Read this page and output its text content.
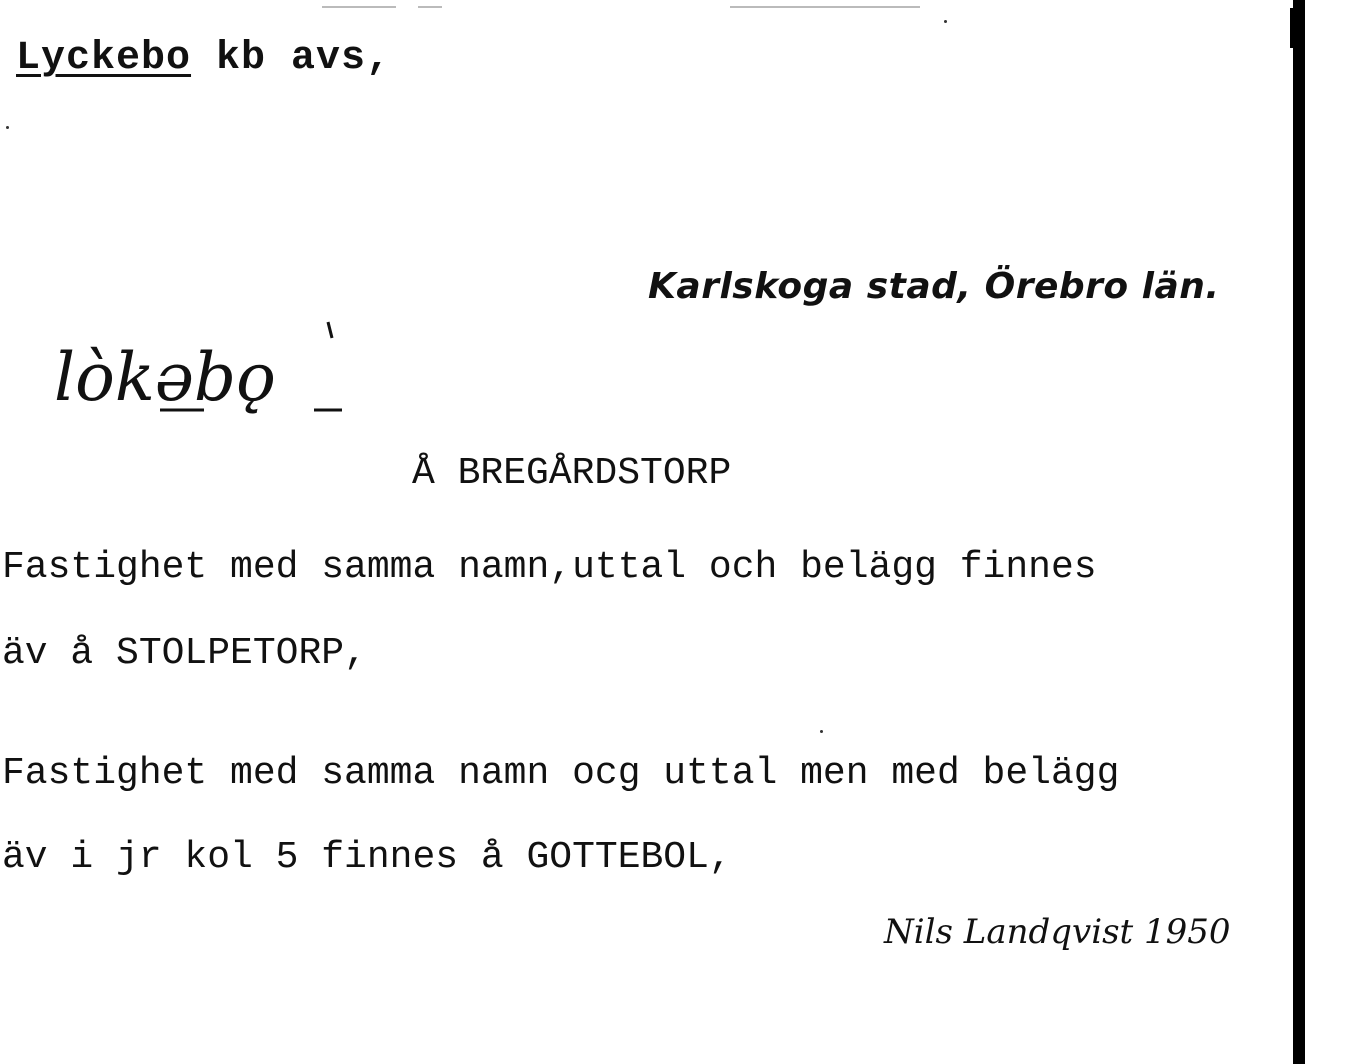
Lyckebo kb avs,
Karlskoga stad, Örebro län.
lòkəbǫ
Å BREGÅRDSTORP
Fastighet med samma namn,uttal och belägg finnes
äv å STOLPETORP,
Fastighet med samma namn ocg uttal men med belägg
äv i jr kol 5 finnes å GOTTEBOL,
Nils Landqvist 1950
